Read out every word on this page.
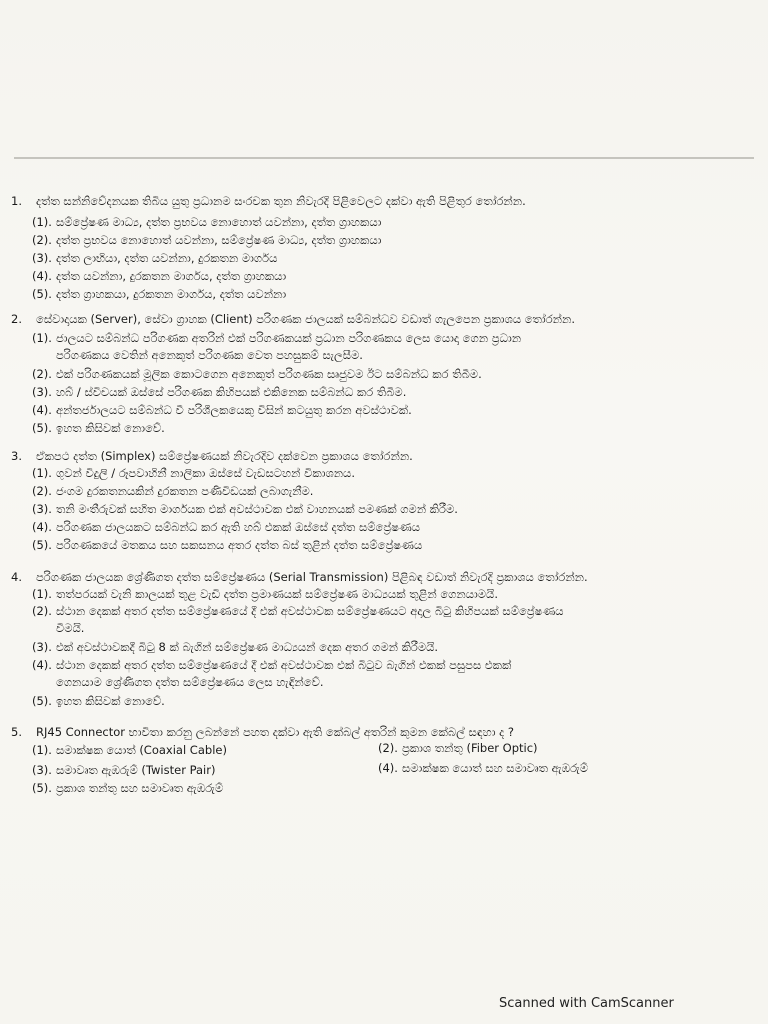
1. දත්ත සන්නිවේදනයක තිබිය යුතු ප්‍රධානම සංරචක තුන නිවැරදි පිළිවෙලට දක්වා ඇති පිළිතුර තෝරන්න.
(1). සම්ප්‍රේෂණ මාධ්‍ය, දත්ත ප්‍රභවය නොහොත් යවන්නා, දත්ත ග්‍රාහකයා
(2). දත්ත ප්‍රභවය නොහොත් යවන්නා, සම්ප්‍රේෂණ මාධ්‍ය, දත්ත ග්‍රාහකයා
(3). දත්ත ලාභියා, දත්ත යවන්නා, දුරකතන මාර්ගය
(4). දත්ත යවන්නා, දුරකතන මාර්ගය, දත්ත ග්‍රාහකයා
(5). දත්ත ග්‍රාහකයා, දුරකතන මාර්ගය, දත්ත යවන්නා
2. සේවාදායක (Server), සේවා ග්‍රාහක (Client) පරිගණක ජාලයක් සම්බන්ධව වඩාත් ගැලපෙන ප්‍රකාශය තෝරන්න.
(1). ජාලයට සම්බන්ධ පරිගණක අතරින් එක් පරිගණකයක් ප්‍රධාන පරිගණකය ලෙස යොදා ගෙන ප්‍රධාන
පරිගණකය වෙතින් අනෙකුත් පරිගණක වෙත පහසුකම් සැලසීම.
(2). එක් පරිගණකයක් මූලික කොටගෙන අනෙකුත් පරිගණක සෘජුවම ඊට සම්බන්ධ කර තිබීම.
(3). හබ් / ස්විචයක් ඔස්සේ පරිගණක කිහිපයක් එකිනෙක සම්බන්ධ කර තිබීම.
(4). අන්තර්ජාලයට සම්බන්ධ වී පරිශීලකයෙකු විසින් කටයුතු කරන අවස්ථාවක්.
(5). ඉහත කිසිවක් නොවේ.
3. ඒකපථ දත්ත (Simplex) සම්ප්‍රේෂණයක් නිවැරදිව දක්වෙන ප්‍රකාශය තෝරන්න.
(1). ගුවන් විදුලි / රූපවාහිනී නාලිකා ඔස්සේ වැඩසටහන් විකාශනය.
(2). ජංගම දුරකතනයකින් දුරකතන පණිවිඩයක් ලබාගැනීම.
(3). තනි මංතීරුවක් සහිත මාර්ගයක එක් අවස්ථාවක එක් වාහනයක් පමණක් ගමන් කිරීම.
(4). පරිගණක ජාලයකට සම්බන්ධ කර ඇති හබ් එකක් ඔස්සේ දත්ත සම්ප්‍රේෂණය
(5). පරිගණකයේ මතකය සහ සකසනය අතර දත්ත බස් තුළින් දත්ත සම්ප්‍රේෂණය
4. පරිගණක ජාලයක ශ්‍රේණිගත දත්ත සම්ප්‍රේෂණය (Serial Transmission) පිළිබඳ වඩාත් නිවැරදි ප්‍රකාශය තෝරන්න.
(1). තත්පරයක් වැනි කාලයක් තුළ වැඩි දත්ත ප්‍රමාණයක් සම්ප්‍රේෂණ මාධ්‍යයක් තුළින් ගෙනයාමයි.
(2). ස්ථාන දෙකක් අතර දත්ත සම්ප්‍රේෂණයේ දී එක් අවස්ථාවක සම්ප්‍රේෂණයට අදාල බිටු කිහිපයක් සම්ප්‍රේෂණය
වීමයි.
(3). එක් අවස්ථාවකදී බිටු 8 ක් බැගින් සම්ප්‍රේෂණ මාධ්‍යයන් දෙක අතර ගමන් කිරීමයි.
(4). ස්ථාන දෙකක් අතර දත්ත සම්ප්‍රේෂණයේ දී එක් අවස්ථාවක එක් බිටුව බැගින් එකක් පසුපස එකක්
ගෙනයාම ශ්‍රේණිගත දත්ත සම්ප්‍රේෂණය ලෙස හැඳින්වේ.
(5). ඉහත කිසිවක් නොවේ.
5. RJ45 Connector භාවිතා කරනු ලබන්නේ පහත දක්වා ඇති කේබල් අතරින් කුමන කේබල් සඳහා ද ?
(1). සමාක්ෂක යොත් (Coaxial Cable)	(2). ප්‍රකාශ තන්තු (Fiber Optic)
(3). සමාවෘත ඇඹරුම් (Twister Pair)	(4). සමාක්ෂක යොත් සහ සමාවෘත ඇඹරුම්
(5). ප්‍රකාශ තන්තු සහ සමාවෘත ඇඹරුම්
Scanned with CamScanner
